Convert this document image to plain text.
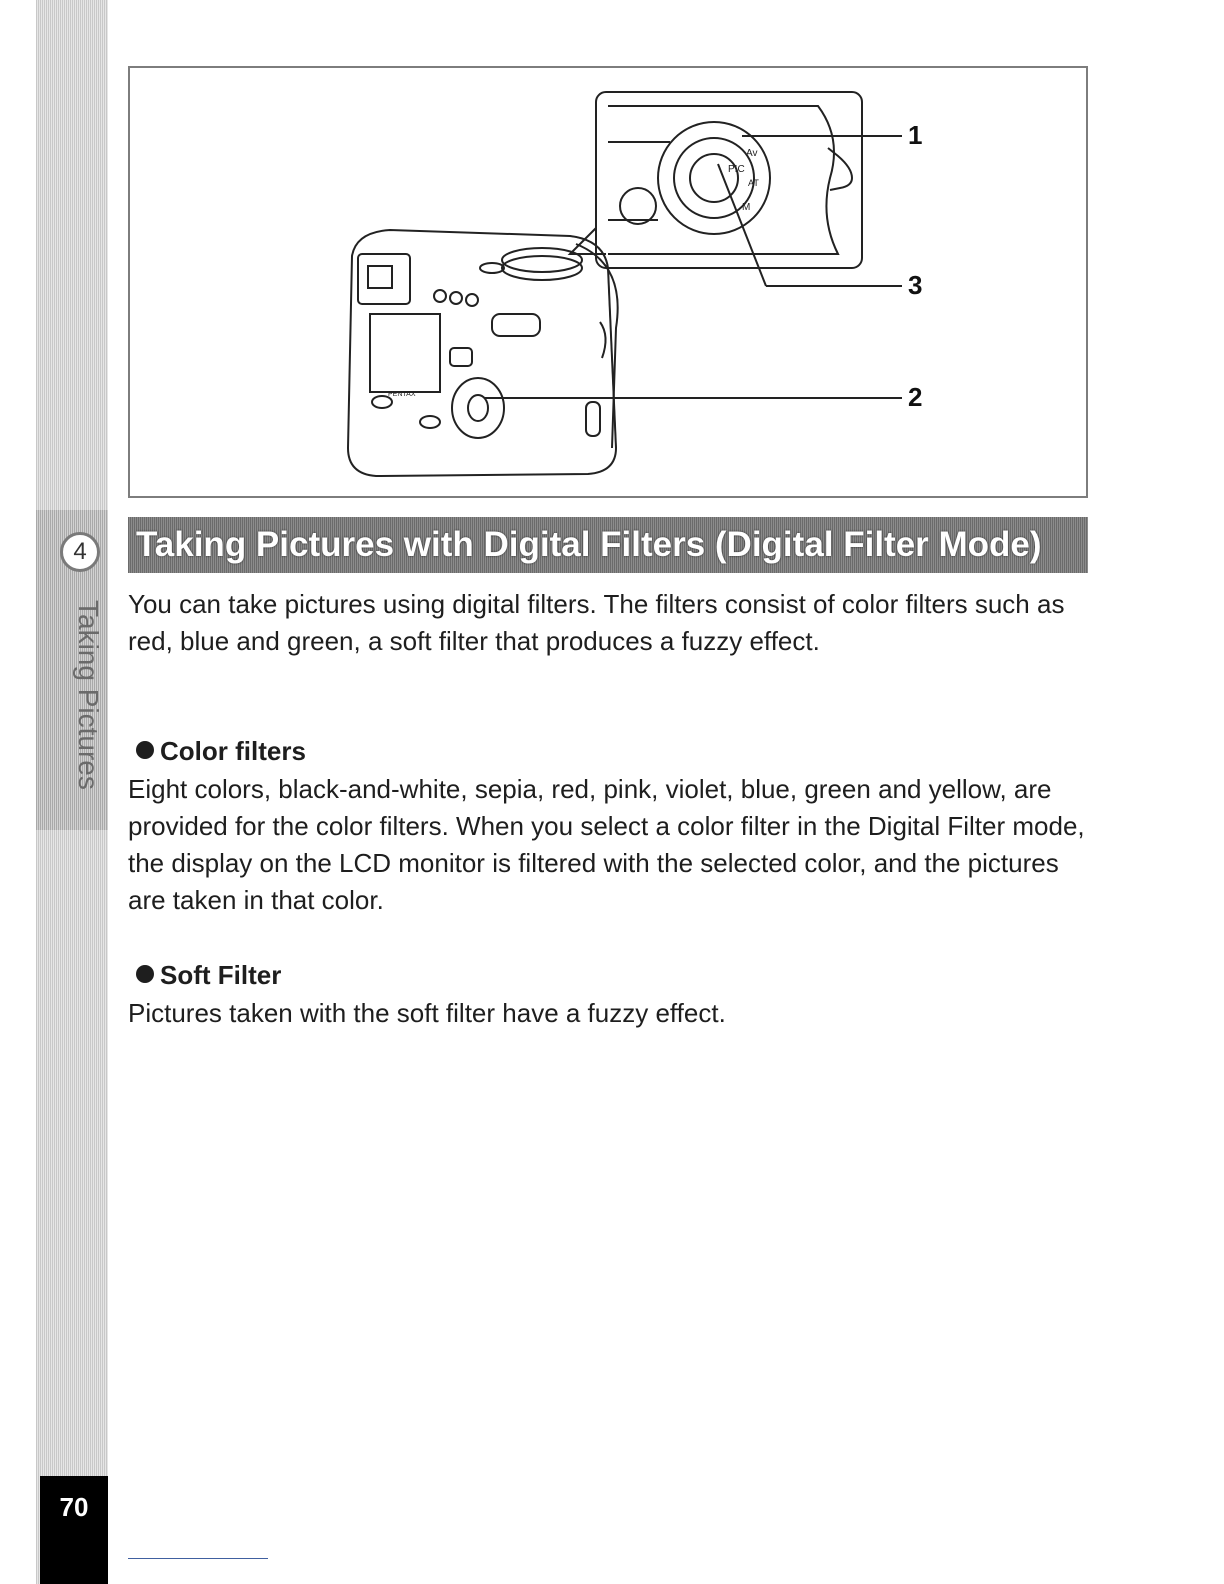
4
Taking Pictures
70
PIC
Av
AT
M
PENTAX
1
3
2
Taking Pictures with Digital Filters (Digital Filter Mode)

You can take pictures using digital filters. The filters consist of color filters such as red, blue and green, a soft filter that produces a fuzzy effect.

Color filters

Eight colors, black-and-white, sepia, red, pink, violet, blue, green and yellow, are provided for the color filters. When you select a color filter in the Digital Filter mode, the display on the LCD monitor is filtered with the selected color, and the pictures are taken in that color.

Soft Filter

Pictures taken with the soft filter have a fuzzy effect.
